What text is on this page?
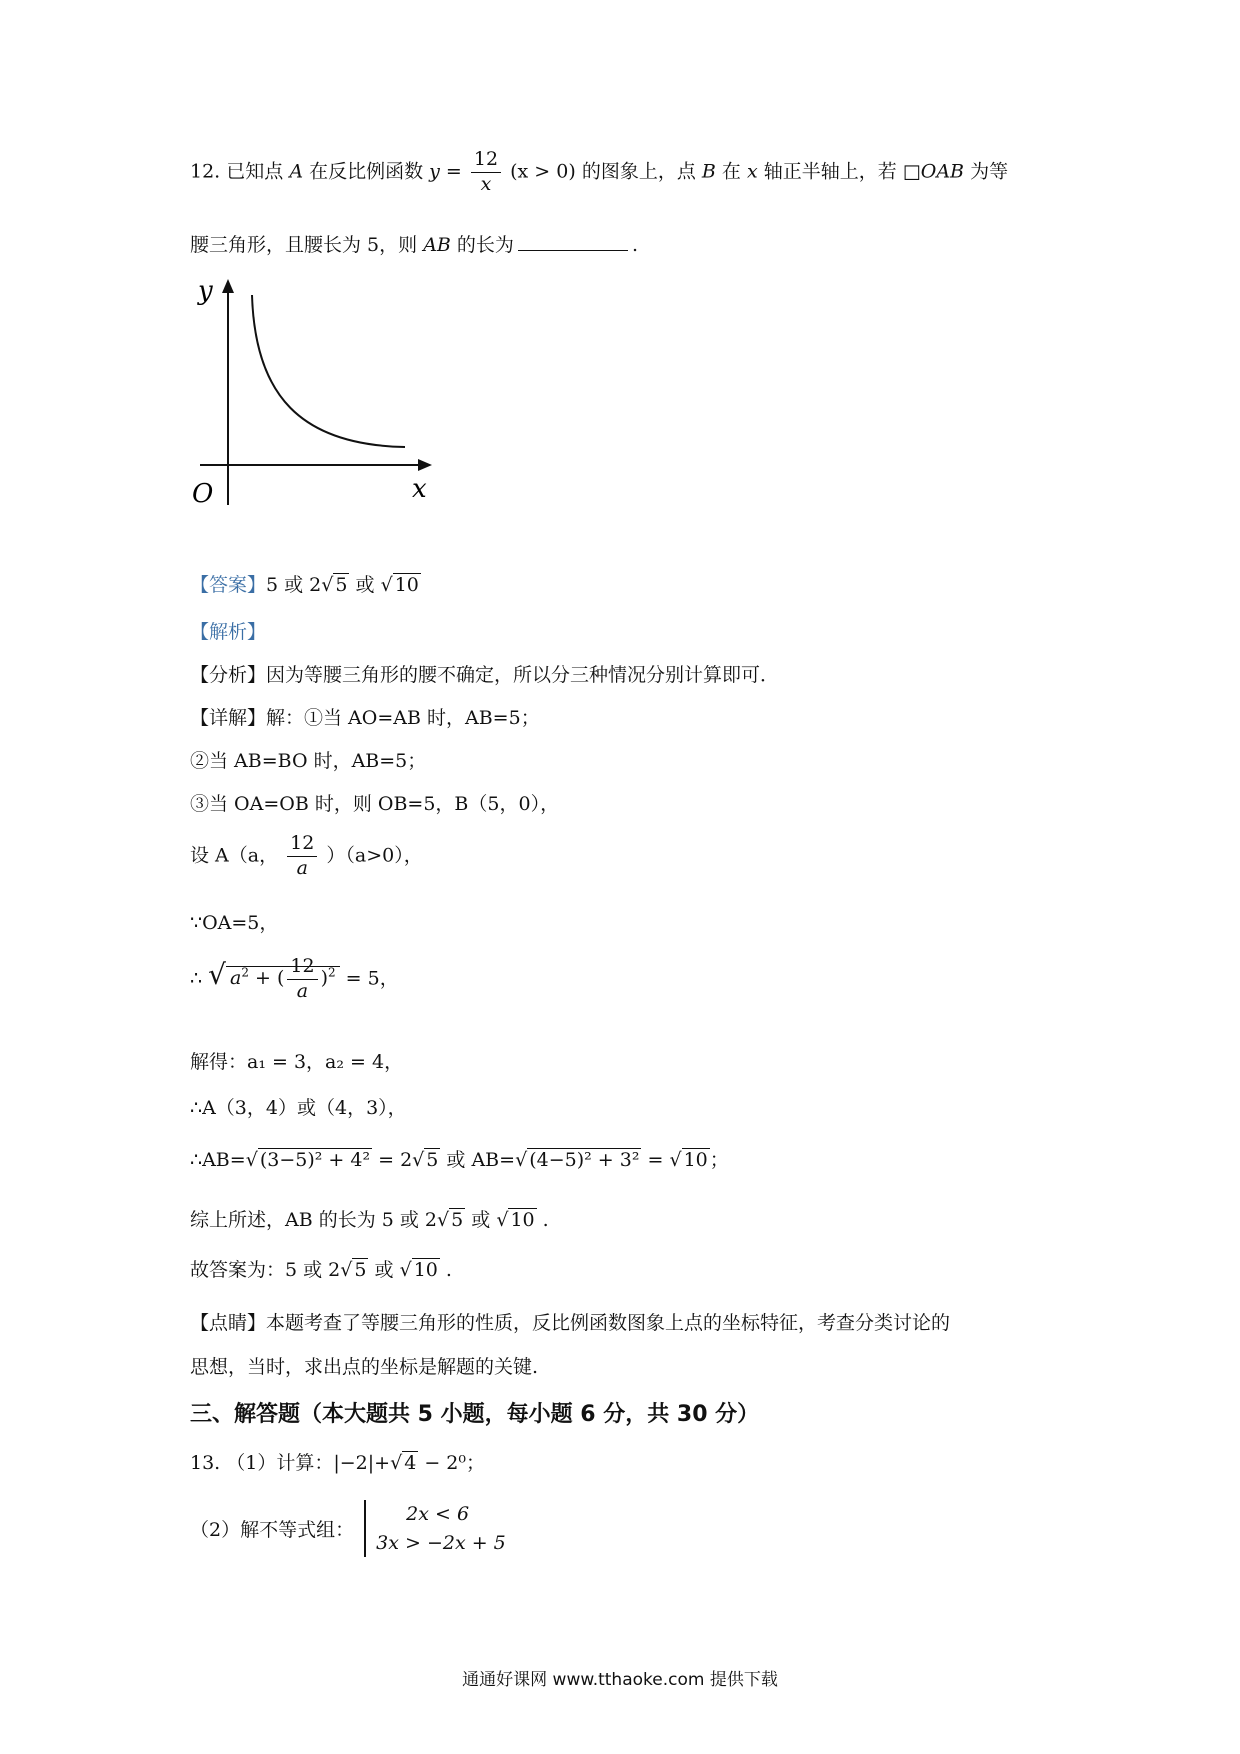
12. 已知点 A 在反比例函数 $y = \frac{12}{x} (x > 0)$ 的图象上，点 B 在 x 轴正半轴上，若 □OAB 为等
腰三角形，且腰长为 5，则 AB 的长为	.
y
x
O
【答案】5 或 2√ 5 或 √ 10
【解析】
【分析】因为等腰三角形的腰不确定，所以分三种情况分别计算即可．
【详解】解：①当 AO=AB 时，AB=5；
②当 AB=BO 时，AB=5；
③当 OA=OB 时，则 OB=5，B（5，0），
设 A（a， $\frac{12}{a} )(a>0)$，
∵OA=5，
∴ √ $a^2$ + ( $\frac{12}{a} )^2 = 5$，
解得：a₁ = 3，a₂ = 4，
∴A（3，4）或（4，3），
∴AB=√ (3−5)² + 4² = 2√ 5 或 AB=√ (4−5)² + 3² = √ 10 ；
综上所述，AB 的长为 5 或 2√ 5 或 √ 10 .
故答案为：5 或 2√ 5 或 √ 10 .
【点睛】本题考查了等腰三角形的性质，反比例函数图象上点的坐标特征，考查分类讨论的
思想，当时，求出点的坐标是解题的关键.
三、解答题（本大题共 5 小题，每小题 6 分，共 30 分）
13. （1）计算：|−2|+√ 4 − 2⁰；
（2）解不等式组：
2x < 6
3x > −2x + 5
通通好课网 www.tthaoke.com 提供下载
